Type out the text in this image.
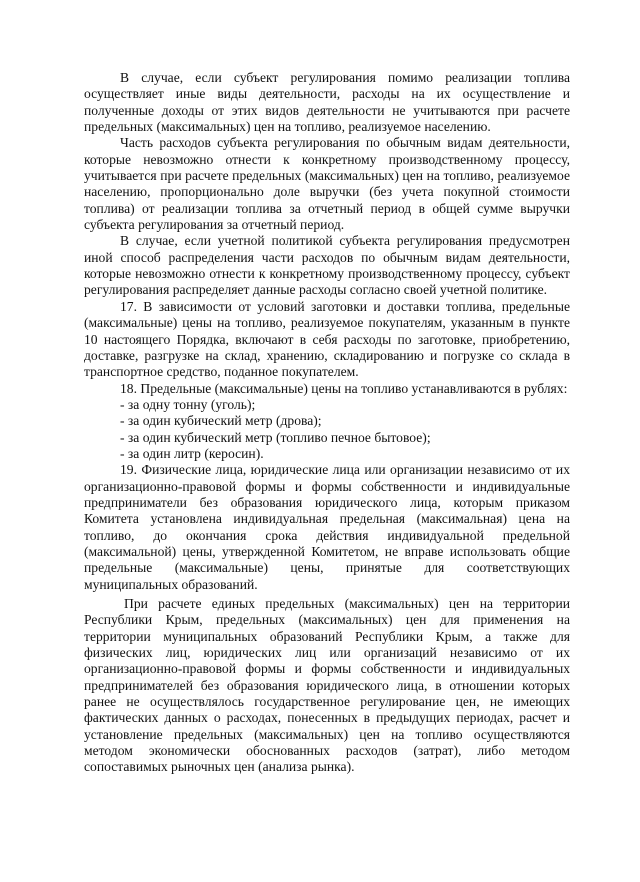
В случае, если субъект регулирования помимо реализации топлива осуществляет иные виды деятельности, расходы на их осуществление и полученные доходы от этих видов деятельности не учитываются при расчете предельных (максимальных) цен на топливо, реализуемое населению.

Часть расходов субъекта регулирования по обычным видам деятельности, которые невозможно отнести к конкретному производственному процессу, учитывается при расчете предельных (максимальных) цен на топливо, реализуемое населению, пропорционально доле выручки (без учета покупной стоимости топлива) от реализации топлива за отчетный период в общей сумме выручки субъекта регулирования за отчетный период.

В случае, если учетной политикой субъекта регулирования предусмотрен иной способ распределения части расходов по обычным видам деятельности, которые невозможно отнести к конкретному производственному процессу, субъект регулирования распределяет данные расходы согласно своей учетной политике.

17. В зависимости от условий заготовки и доставки топлива, предельные (максимальные) цены на топливо, реализуемое покупателям, указанным в пункте 10 настоящего Порядка, включают в себя расходы по заготовке, приобретению, доставке, разгрузке на склад, хранению, складированию и погрузке со склада в транспортное средство, поданное покупателем.

18. Предельные (максимальные) цены на топливо устанавливаются в рублях:

- за одну тонну (уголь);

- за один кубический метр (дрова);

- за один кубический метр (топливо печное бытовое);

- за один литр (керосин).

19. Физические лица, юридические лица или организации независимо от их организационно-правовой формы и формы собственности и индивидуальные предприниматели без образования юридического лица, которым приказом Комитета установлена индивидуальная предельная (максимальная) цена на топливо, до окончания срока действия индивидуальной предельной (максимальной) цены, утвержденной Комитетом, не вправе использовать общие предельные (максимальные) цены, принятые для соответствующих муниципальных образований.

При расчете единых предельных (максимальных) цен на территории Республики Крым, предельных (максимальных) цен для применения на территории муниципальных образований Республики Крым, а также для физических лиц, юридических лиц или организаций независимо от их организационно-правовой формы и формы собственности и индивидуальных предпринимателей без образования юридического лица, в отношении которых ранее не осуществлялось государственное регулирование цен, не имеющих фактических данных о расходах, понесенных в предыдущих периодах, расчет и установление предельных (максимальных) цен на топливо осуществляются методом экономически обоснованных расходов (затрат), либо методом сопоставимых рыночных цен (анализа рынка).
